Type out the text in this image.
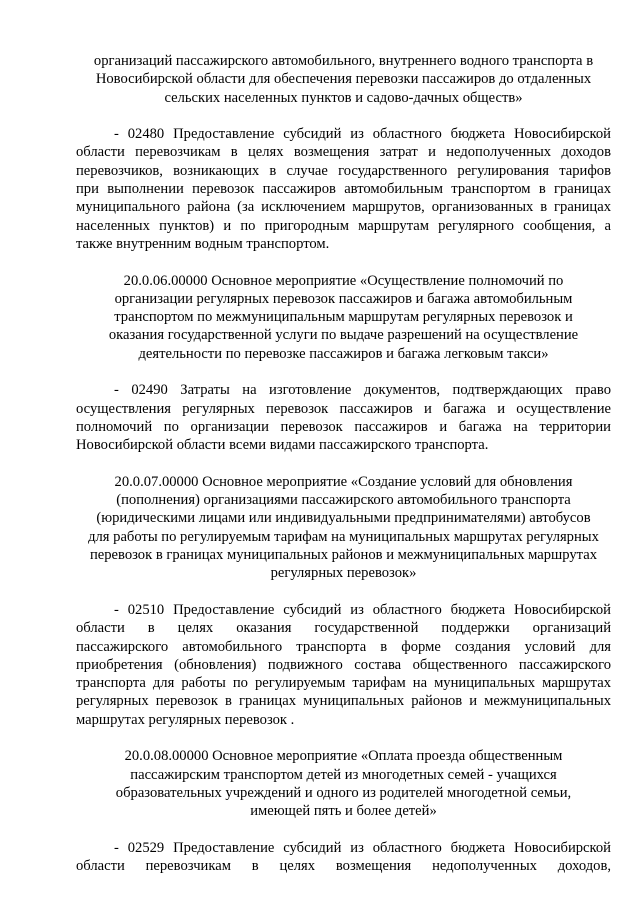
организаций пассажирского автомобильного, внутреннего водного транспорта в
Новосибирской области для обеспечения перевозки пассажиров до отдаленных
сельских населенных пунктов и садово-дачных обществ»
- 02480 Предоставление субсидий из областного бюджета Новосибирской
области перевозчикам в целях возмещения затрат и недополученных доходов
перевозчиков, возникающих в случае государственного регулирования тарифов
при выполнении перевозок пассажиров автомобильным транспортом в границах
муниципального района (за исключением маршрутов, организованных в границах
населенных пунктов) и по пригородным маршрутам регулярного сообщения, а
также внутренним водным транспортом.
20.0.06.00000 Основное мероприятие «Осуществление полномочий по
организации регулярных перевозок пассажиров и багажа автомобильным
транспортом по межмуниципальным маршрутам регулярных перевозок и
оказания государственной услуги по выдаче разрешений на осуществление
деятельности по перевозке пассажиров и багажа легковым такси»
- 02490 Затраты на изготовление документов, подтверждающих право
осуществления регулярных перевозок пассажиров и багажа и осуществление
полномочий по организации перевозок пассажиров и багажа на территории
Новосибирской области всеми видами пассажирского транспорта.
20.0.07.00000 Основное мероприятие «Создание условий для обновления
(пополнения) организациями пассажирского автомобильного транспорта
(юридическими лицами или индивидуальными предпринимателями) автобусов
для работы по регулируемым тарифам на муниципальных маршрутах регулярных
перевозок в границах муниципальных районов и межмуниципальных маршрутах
регулярных перевозок»
- 02510 Предоставление субсидий из областного бюджета Новосибирской
области в целях оказания государственной поддержки организаций
пассажирского автомобильного транспорта в форме создания условий для
приобретения (обновления) подвижного состава общественного пассажирского
транспорта для работы по регулируемым тарифам на муниципальных маршрутах
регулярных перевозок в границах муниципальных районов и межмуниципальных
маршрутах регулярных перевозок .
20.0.08.00000 Основное мероприятие «Оплата проезда общественным
пассажирским транспортом детей из многодетных семей - учащихся
образовательных учреждений и одного из родителей многодетной семьи,
имеющей пять и более детей»
- 02529 Предоставление субсидий из областного бюджета Новосибирской
области перевозчикам в целях возмещения недополученных доходов,
